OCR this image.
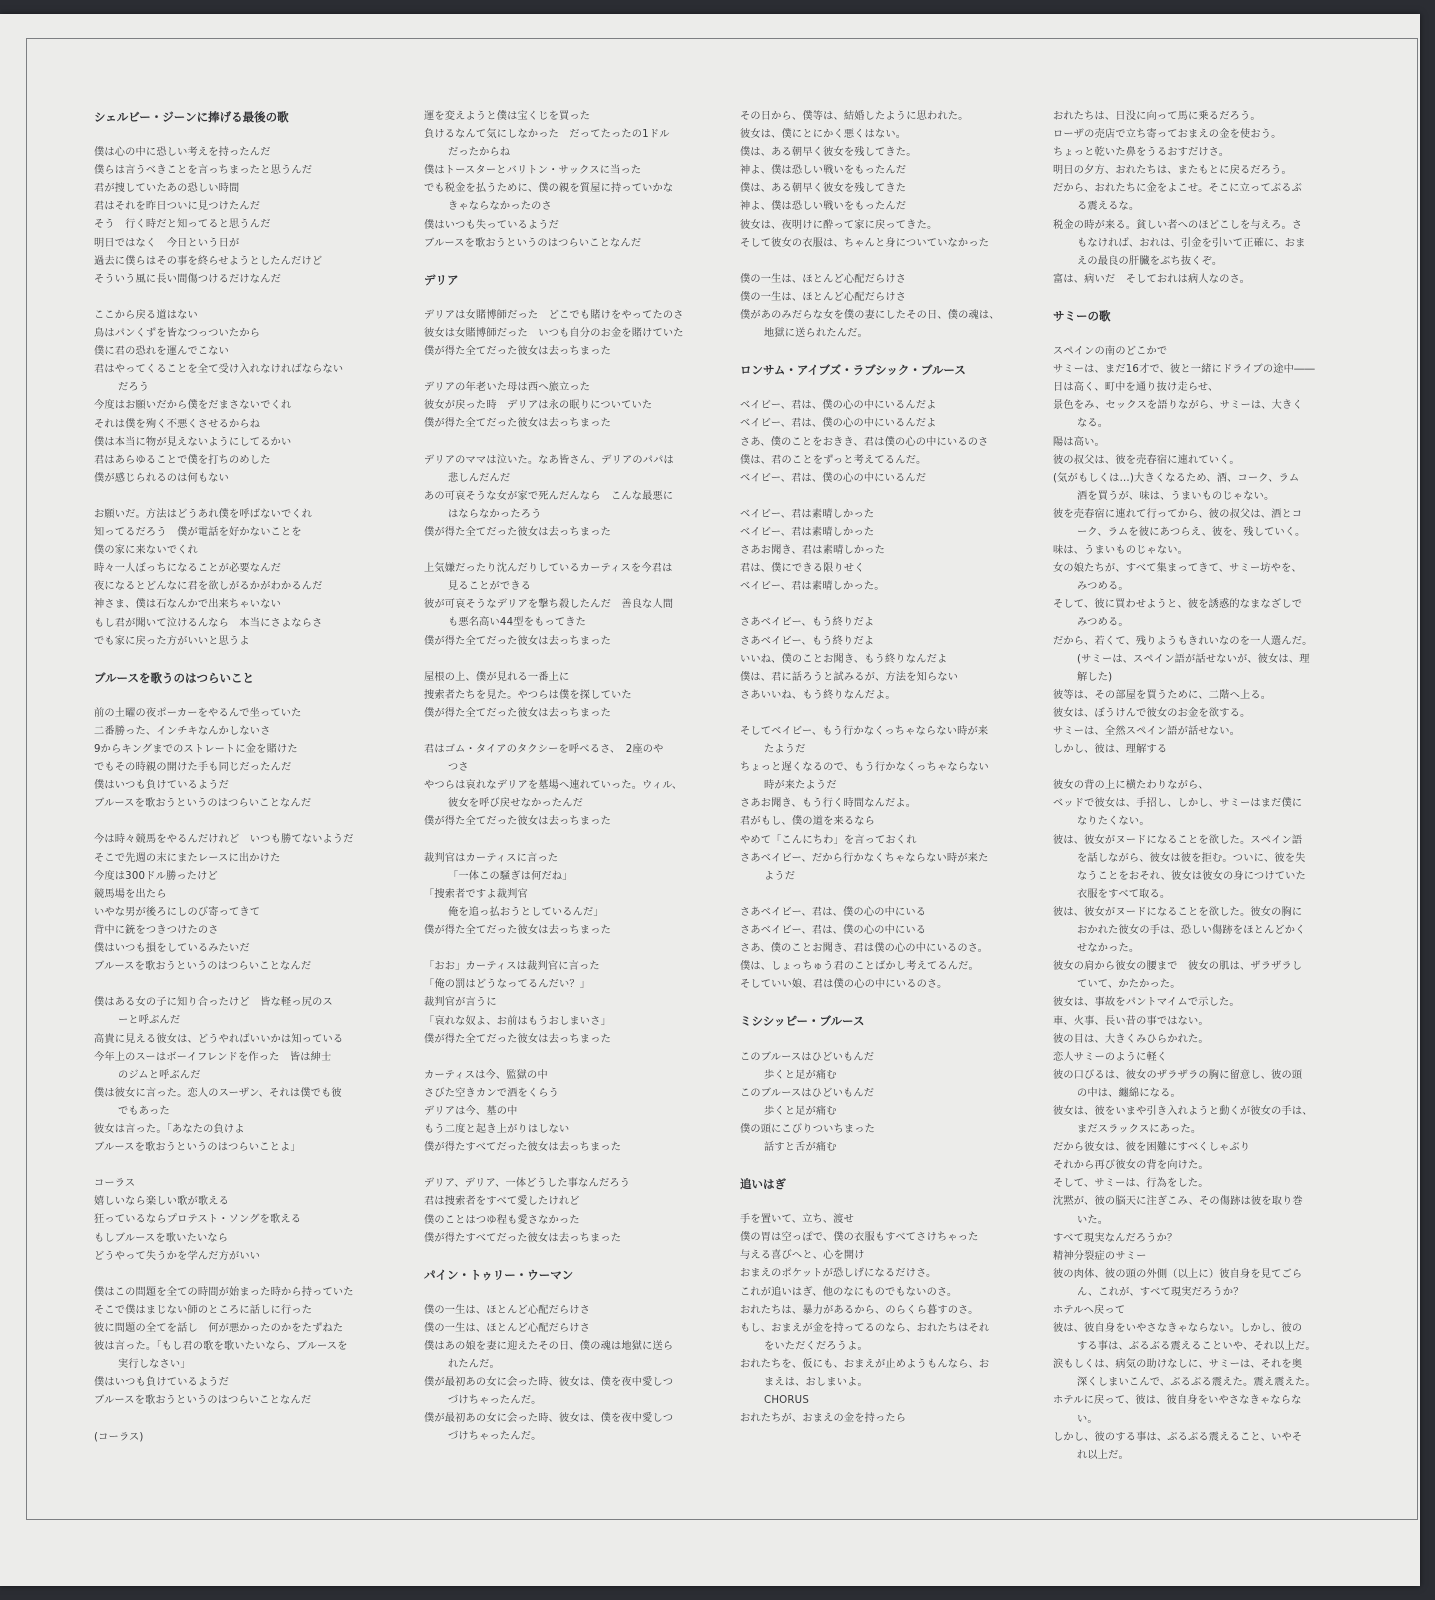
シェルビー・ジーンに捧げる最後の歌
僕は心の中に恐しい考えを持ったんだ
僕らは言うべきことを言っちまったと思うんだ
君が捜していたあの恐しい時間
君はそれを昨日ついに見つけたんだ
そう　行く時だと知ってると思うんだ
明日ではなく　今日という日が
過去に僕らはその事を終らせようとしたんだけど
そういう風に長い間傷つけるだけなんだ
ここから戻る道はない
鳥はパンくずを皆なつっついたから
僕に君の恐れを運んでこない
君はやってくることを全て受け入れなければならない
だろう
今度はお願いだから僕をだまさないでくれ
それは僕を殉く不悪くさせるからね
僕は本当に物が見えないようにしてるかい
君はあらゆることで僕を打ちのめした
僕が感じられるのは何もない
お願いだ。方法はどうあれ僕を呼ばないでくれ
知ってるだろう　僕が電話を好かないことを
僕の家に来ないでくれ
時々一人ぼっちになることが必要なんだ
夜になるとどんなに君を欲しがるかがわかるんだ
神さま、僕は石なんかで出来ちゃいない
もし君が聞いて泣けるんなら　本当にさよならさ
でも家に戻った方がいいと思うよ
ブルースを歌うのはつらいこと
前の土曜の夜ポーカーをやるんで坐っていた
二番勝った、インチキなんかしないさ
9からキングまでのストレートに金を賭けた
でもその時親の開けた手も同じだったんだ
僕はいつも負けているようだ
ブルースを歌おうというのはつらいことなんだ
今は時々競馬をやるんだけれど　いつも勝てないようだ
そこで先週の末にまたレースに出かけた
今度は300ドル勝ったけど
競馬場を出たら
いやな男が後ろにしのび寄ってきて
背中に銃をつきつけたのさ
僕はいつも損をしているみたいだ
ブルースを歌おうというのはつらいことなんだ
僕はある女の子に知り合ったけど　皆な軽っ尻のス
ーと呼ぶんだ
高貴に見える彼女は、どうやればいいかは知っている
今年上のスーはボーイフレンドを作った　皆は紳士
のジムと呼ぶんだ
僕は彼女に言った。恋人のスーザン、それは僕でも彼
でもあった
彼女は言った。「あなたの負けよ
ブルースを歌おうというのはつらいことよ」
コーラス
嬉しいなら楽しい歌が歌える
狂っているならプロテスト・ソングを歌える
もしブルースを歌いたいなら
どうやって失うかを学んだ方がいい
僕はこの問題を全ての時間が始まった時から持っていた
そこで僕はまじない師のところに話しに行った
彼に問題の全てを話し　何が悪かったのかをたずねた
彼は言った。「もし君の歌を歌いたいなら、ブルースを
実行しなさい」
僕はいつも負けているようだ
ブルースを歌おうというのはつらいことなんだ
(コーラス)
運を変えようと僕は宝くじを買った
負けるなんて気にしなかった　だってたったの1ドル
だったからね
僕はトースターとバリトン・サックスに当った
でも税金を払うために、僕の親を質屋に持っていかな
きゃならなかったのさ
僕はいつも失っているようだ
ブルースを歌おうというのはつらいことなんだ
デリア
デリアは女賭博師だった　どこでも賭けをやってたのさ
彼女は女賭博師だった　いつも自分のお金を賭けていた
僕が得た全てだった彼女は去っちまった
デリアの年老いた母は西へ旅立った
彼女が戻った時　デリアは永の眠りについていた
僕が得た全てだった彼女は去っちまった
デリアのママは泣いた。なあ皆さん、デリアのパパは
悲しんだんだ
あの可哀そうな女が家で死んだんなら　こんな最悪に
はならなかったろう
僕が得た全てだった彼女は去っちまった
上気嫌だったり沈んだりしているカーティスを今君は
見ることができる
彼が可哀そうなデリアを撃ち殺したんだ　善良な人間
も悪名高い44型をもってきた
僕が得た全てだった彼女は去っちまった
屋根の上、僕が見れる一番上に
捜索者たちを見た。やつらは僕を探していた
僕が得た全てだった彼女は去っちまった
君はゴム・タイアのタクシーを呼べるさ、　2座のや
つさ
やつらは哀れなデリアを墓場へ連れていった。ウィル、
彼女を呼び戻せなかったんだ
僕が得た全てだった彼女は去っちまった
裁判官はカーティスに言った
「一体この騒ぎは何だね」
「捜索者ですよ裁判官
俺を追っ払おうとしているんだ」
僕が得た全てだった彼女は去っちまった
「おお」カーティスは裁判官に言った
「俺の罰はどうなってるんだい？」
裁判官が言うに
「哀れな奴よ、お前はもうおしまいさ」
僕が得た全てだった彼女は去っちまった
カーティスは今、監獄の中
さびた空きカンで酒をくらう
デリアは今、墓の中
もう二度と起き上がりはしない
僕が得たすべてだった彼女は去っちまった
デリア、デリア、一体どうした事なんだろう
君は捜索者をすべて愛したけれど
僕のことはつゆ程も愛さなかった
僕が得たすべてだった彼女は去っちまった
パイン・トゥリー・ウーマン
僕の一生は、ほとんど心配だらけさ
僕の一生は、ほとんど心配だらけさ
僕はあの娘を妻に迎えたその日、僕の魂は地獄に送ら
れたんだ。
僕が最初あの女に会った時、彼女は、僕を夜中愛しつ
づけちゃったんだ。
僕が最初あの女に会った時、彼女は、僕を夜中愛しつ
づけちゃったんだ。
その日から、僕等は、結婚したように思われた。
彼女は、僕にとにかく悪くはない。
僕は、ある朝早く彼女を残してきた。
神よ、僕は恐しい戦いをもったんだ
僕は、ある朝早く彼女を残してきた
神よ、僕は恐しい戦いをもったんだ
彼女は、夜明けに酔って家に戻ってきた。
そして彼女の衣服は、ちゃんと身についていなかった
僕の一生は、ほとんど心配だらけさ
僕の一生は、ほとんど心配だらけさ
僕があのみだらな女を僕の妻にしたその日、僕の魂は、
地獄に送られたんだ。
ロンサム・アイブズ・ラブシック・ブルース
ベイビー、君は、僕の心の中にいるんだよ
ベイビー、君は、僕の心の中にいるんだよ
さあ、僕のことをおきき、君は僕の心の中にいるのさ
僕は、君のことをずっと考えてるんだ。
ベイビー、君は、僕の心の中にいるんだ
ベイビー、君は素晴しかった
ベイビー、君は素晴しかった
さあお聞き、君は素晴しかった
君は、僕にできる限りせく
ベイビー、君は素晴しかった。
さあベイビー、もう終りだよ
さあベイビー、もう終りだよ
いいね、僕のことお聞き、もう終りなんだよ
僕は、君に話ろうと試みるが、方法を知らない
さあいいね、もう終りなんだよ。
そしてベイビー、もう行かなくっちゃならない時が来
たようだ
ちょっと遅くなるので、もう行かなくっちゃならない
時が来たようだ
さあお聞き、もう行く時間なんだよ。
君がもし、僕の道を来るなら
やめて「こんにちわ」を言っておくれ
さあベイビー、だから行かなくちゃならない時が来た
ようだ
さあベイビー、君は、僕の心の中にいる
さあベイビー、君は、僕の心の中にいる
さあ、僕のことお聞き、君は僕の心の中にいるのさ。
僕は、しょっちゅう君のことばかし考えてるんだ。
そしていい娘、君は僕の心の中にいるのさ。
ミシシッピー・ブルース
このブルースはひどいもんだ
歩くと足が痛む
このブルースはひどいもんだ
歩くと足が痛む
僕の頭にこびりついちまった
話すと舌が痛む
追いはぎ
手を置いて、立ち、渡せ
僕の胃は空っぽで、僕の衣服もすべてさけちゃった
与える喜びへと、心を開け
おまえのポケットが恐しげになるだけさ。
これが追いはぎ、他のなにものでもないのさ。
おれたちは、暴力があるから、のらくら暮すのさ。
もし、おまえが金を持ってるのなら、おれたちはそれ
をいただくだろうよ。
おれたちを、仮にも、おまえが止めようもんなら、お
まえは、おしまいよ。
CHORUS
おれたちが、おまえの金を持ったら
おれたちは、日没に向って馬に乗るだろう。
ローザの売店で立ち寄っておまえの金を使おう。
ちょっと乾いた鼻をうるおすだけさ。
明日の夕方、おれたちは、またもとに戻るだろう。
だから、おれたちに金をよこせ。そこに立ってぶるぶ
る震えるな。
税金の時が来る。貧しい者へのほどこしを与えろ。さ
もなければ、おれは、引金を引いて正確に、おま
えの最良の肝臓をぶち抜くぞ。
富は、病いだ　そしておれは病人なのさ。
サミーの歌
スペインの南のどこかで
サミーは、まだ16才で、彼と一緒にドライブの途中――
日は高く、町中を通り抜け走らせ、
景色をみ、セックスを語りながら、サミーは、大きく
なる。
陽は高い。
彼の叔父は、彼を売春宿に連れていく。
(気がもしくは…)大きくなるため、酒、コーク、ラム
酒を買うが、味は、うまいものじゃない。
彼を売春宿に連れて行ってから、彼の叔父は、酒とコ
ーク、ラムを彼にあつらえ、彼を、残していく。
味は、うまいものじゃない。
女の娘たちが、すべて集まってきて、サミー坊やを、
みつめる。
そして、彼に買わせようと、彼を誘惑的なまなざしで
みつめる。
だから、若くて、残りようもきれいなのを一人選んだ。
(サミーは、スペイン語が話せないが、彼女は、理
解した)
彼等は、その部屋を買うために、二階へ上る。
彼女は、ぼうけんで彼女のお金を欲する。
サミーは、全然スペイン語が話せない。
しかし、彼は、理解する
彼女の背の上に横たわりながら、
ベッドで彼女は、手招し、しかし、サミーはまだ僕に
なりたくない。
彼は、彼女がヌードになることを欲した。スペイン語
を話しながら、彼女は彼を拒む。ついに、彼を失
なうことをおそれ、彼女は彼女の身につけていた
衣服をすべて取る。
彼は、彼女がヌードになることを欲した。彼女の胸に
おかれた彼女の手は、恐しい傷跡をほとんどかく
せなかった。
彼女の肩から彼女の腰まで　彼女の肌は、ザラザラし
ていて、かたかった。
彼女は、事故をパントマイムで示した。
車、火事、長い昔の事ではない。
彼の目は、大きくみひらかれた。
恋人サミーのように軽く
彼の口びるは、彼女のザラザラの胸に留意し、彼の頭
の中は、纏綿になる。
彼女は、彼をいまや引き入れようと動くが彼女の手は、
まだスラックスにあった。
だから彼女は、彼を困難にすべくしゃぶり
それから再び彼女の背を向けた。
そして、サミーは、行為をした。
沈黙が、彼の脳天に注ぎこみ、その傷跡は彼を取り巻
いた。
すべて現実なんだろうか？
精神分裂症のサミー
彼の肉体、彼の頭の外側（以上に）彼自身を見てごら
ん、これが、すべて現実だろうか？
ホテルへ戻って
彼は、彼自身をいやさなきゃならない。しかし、彼の
する事は、ぶるぶる震えることいや、それ以上だ。
涙もしくは、病気の助けなしに、サミーは、それを奥
深くしまいこんで、ぶるぶる震えた。震え震えた。
ホテルに戻って、彼は、彼自身をいやさなきゃならな
い。
しかし、彼のする事は、ぶるぶる震えること、いやそ
れ以上だ。
